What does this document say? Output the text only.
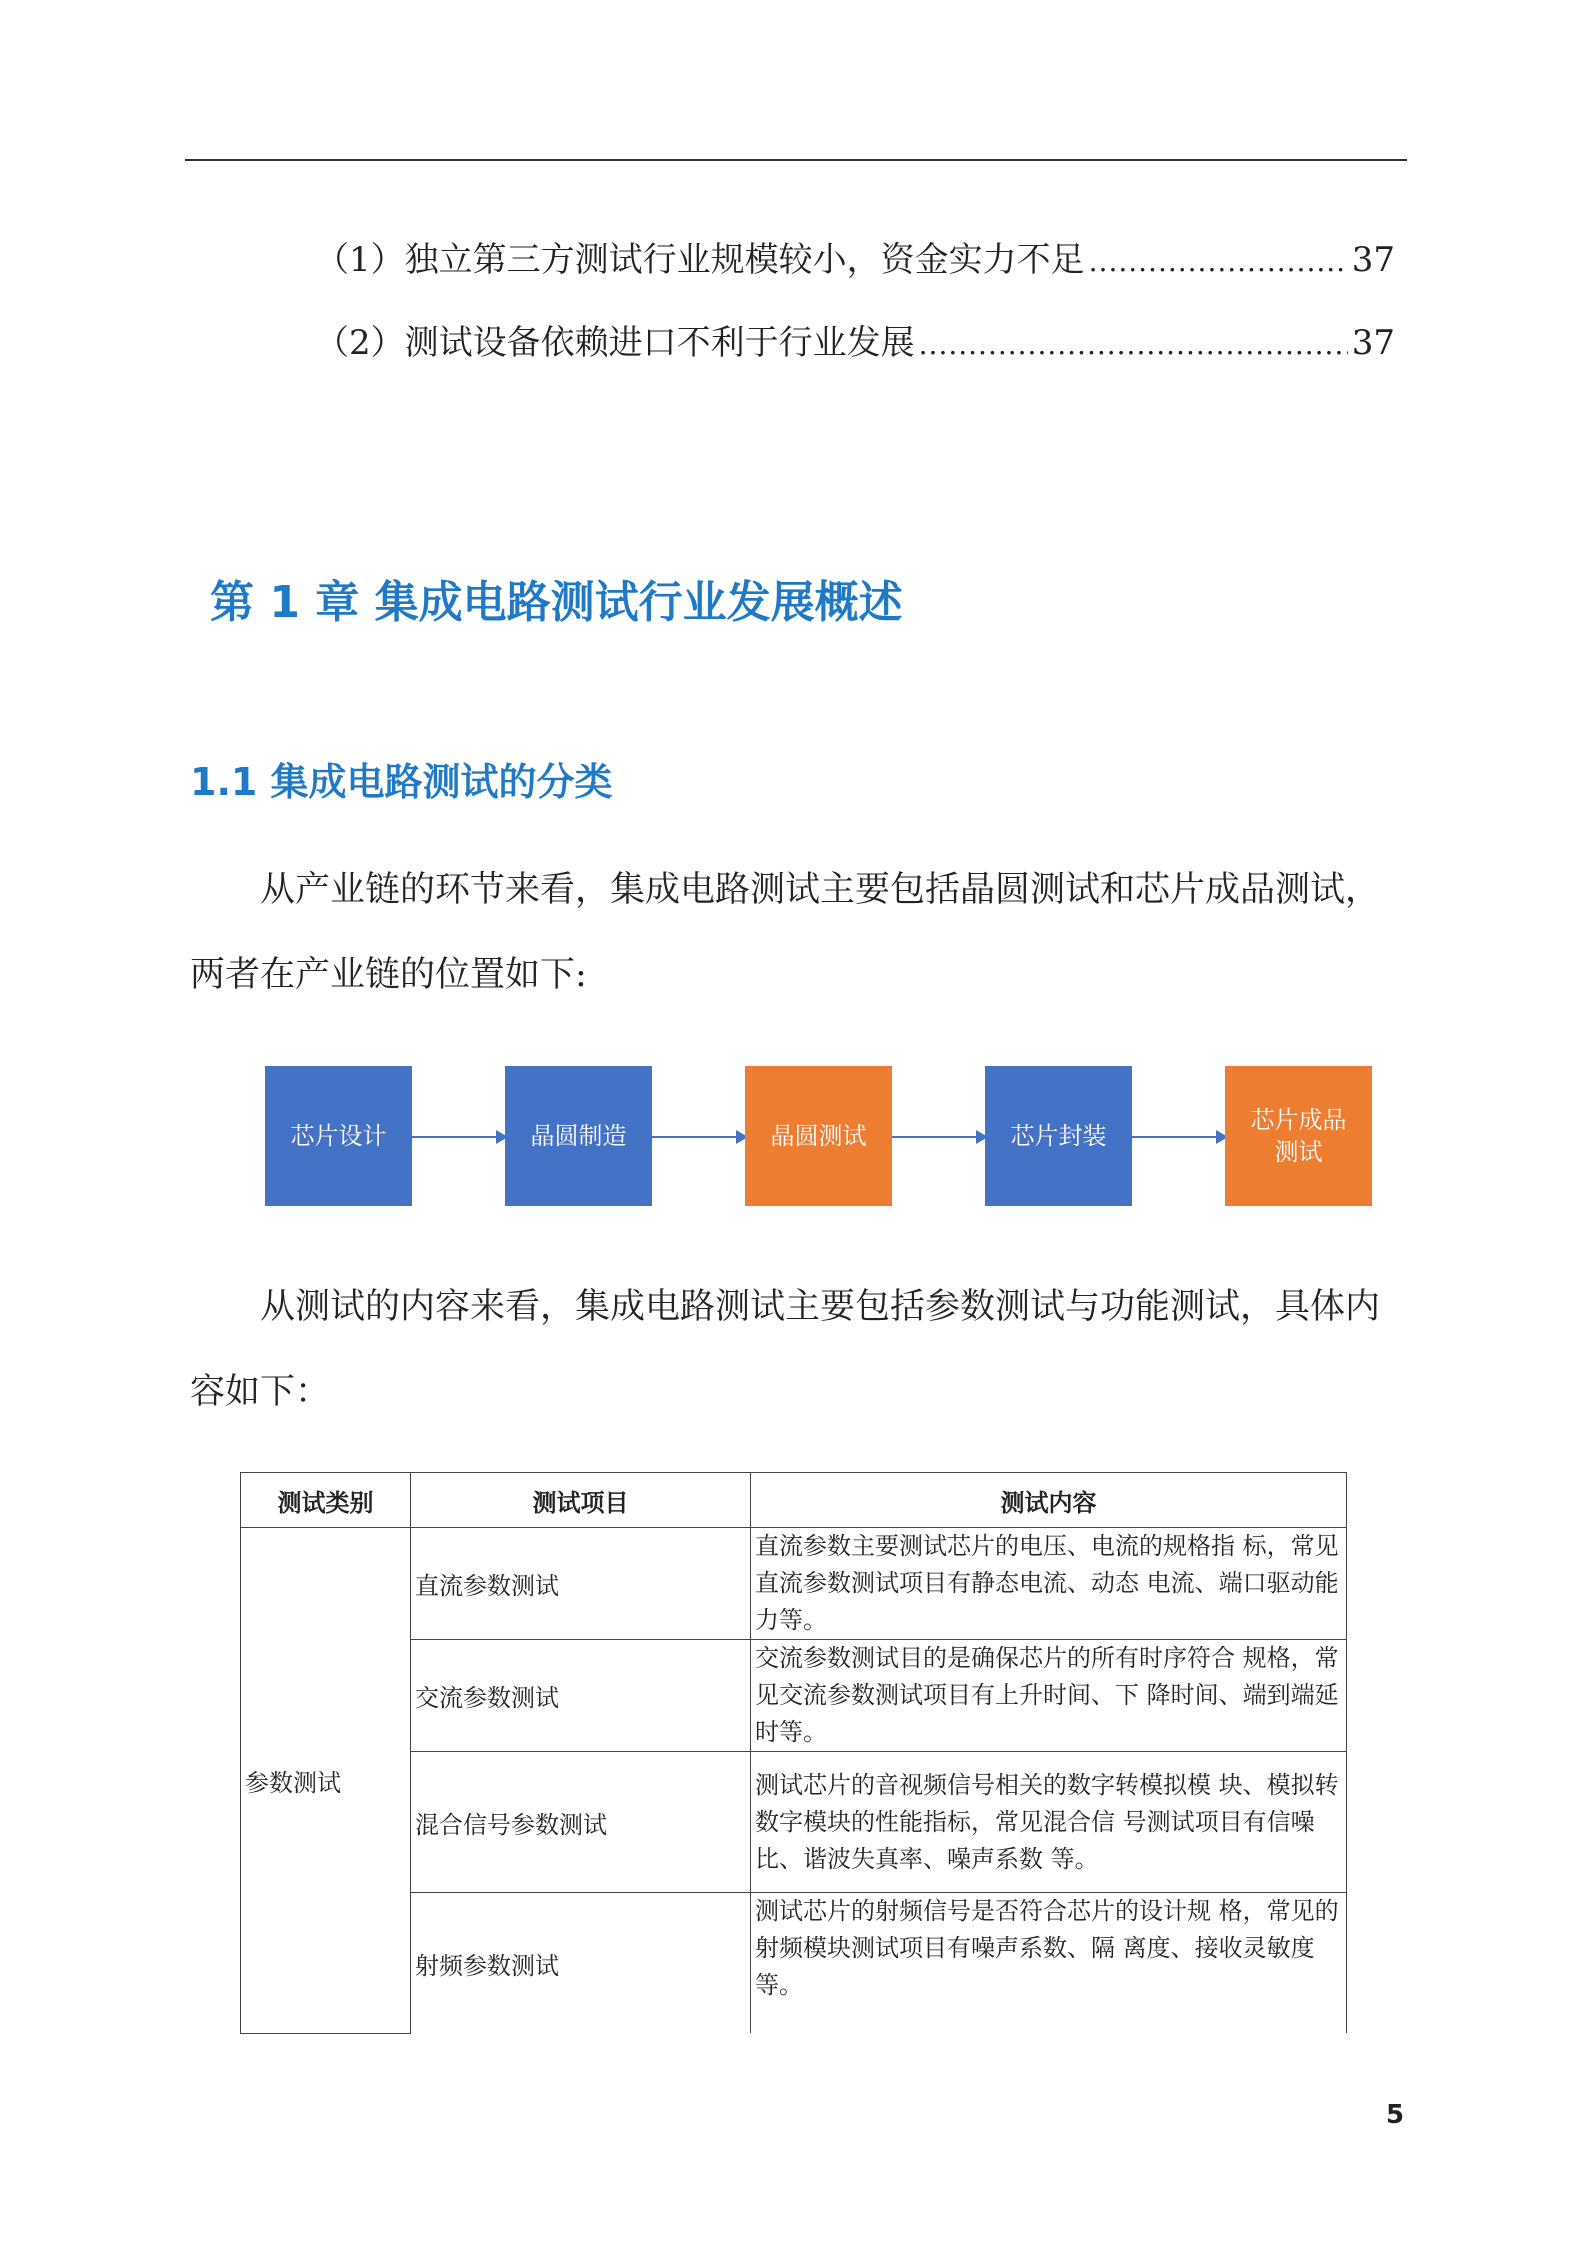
（1）独立第三方测试行业规模较小，资金实力不足 .....	37
（2）测试设备依赖进口不利于行业发展 .....	37
第 1 章 集成电路测试行业发展概述
1.1 集成电路测试的分类

从产业链的环节来看，集成电路测试主要包括晶圆测试和芯片成品测试，两者在产业链的位置如下:

芯片设计	晶圆制造	晶圆测试	芯片封装
芯片成品
测试

从测试的内容来看，集成电路测试主要包括参数测试与功能测试，具体内容如下：

测试类别	测试项目	测试内容
参数测试	直流参数测试	直流参数主要测试芯片的电压、电流的规格指 标，常见直流参数测试项目有静态电流、动态 电流、端口驱动能力等。
	交流参数测试	交流参数测试目的是确保芯片的所有时序符合 规格，常见交流参数测试项目有上升时间、下 降时间、端到端延时等。
	混合信号参数测试	测试芯片的音视频信号相关的数字转模拟模 块、模拟转数字模块的性能指标，常见混合信 号测试项目有信噪比、谐波失真率、噪声系数 等。
	射频参数测试	测试芯片的射频信号是否符合芯片的设计规 格，常见的射频模块测试项目有噪声系数、隔 离度、接收灵敏度等。
5
